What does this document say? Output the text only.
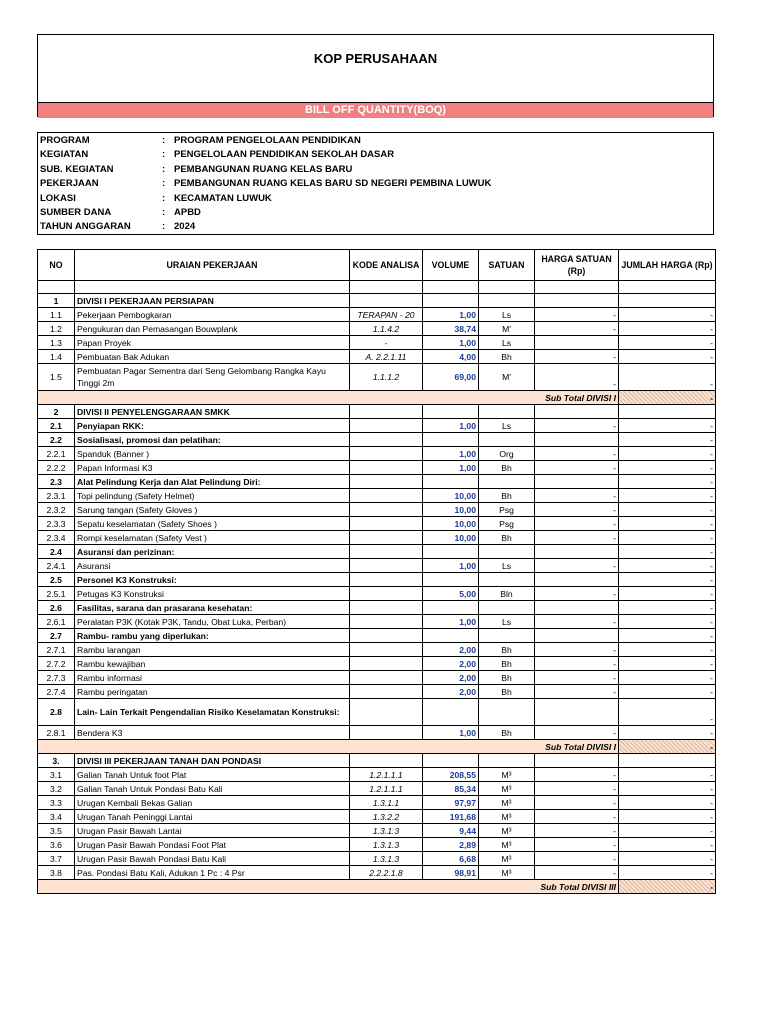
KOP PERUSAHAAN
BILL OFF QUANTITY(BOQ)
PROGRAM	: PROGRAM PENGELOLAAN PENDIDIKAN
KEGIATAN	: PENGELOLAAN PENDIDIKAN SEKOLAH DASAR
SUB. KEGIATAN	: PEMBANGUNAN RUANG KELAS BARU
PEKERJAAN	: PEMBANGUNAN RUANG KELAS BARU SD NEGERI PEMBINA LUWUK
LOKASI	: KECAMATAN LUWUK
SUMBER DANA	: APBD
TAHUN ANGGARAN	: 2024
NO	URAIAN PEKERJAAN	KODE ANALISA	VOLUME	SATUAN	HARGA SATUAN (Rp)	JUMLAH HARGA (Rp)

1	DIVISI I PEKERJAAN PERSIAPAN					
1.1	Pekerjaan Pembogkaran	TERAPAN - 20	1,00	Ls	-	-
1.2	Pengukuran dan Pemasangan Bouwplank	1.1.4.2	38,74	M'	-	-
1.3	Papan Proyek	-	1,00	Ls		-
1.4	Pembuatan Bak Adukan	A. 2.2.1.11	4,00	Bh	-	-
1.5	Pembuatan Pagar Sementra dari Seng Gelombang Rangka Kayu Tinggi 2m	1.1.1.2	69,00	M'	-	-
Sub Total DIVISI I						-
2	DIVISI II PENYELENGGARAAN SMKK					
2.1	Penyiapan RKK:		1,00	Ls	-	-
2.2	Sosialisasi, promosi dan pelatihan:					-
2.2.1	Spanduk (Banner )		1,00	Org	-	-
2.2.2	Papan Informasi K3		1,00	Bh	-	-
2.3	Alat Pelindung Kerja dan Alat Pelindung Diri:					-
2.3.1	Topi pelindung (Safety Helmet)		10,00	Bh	-	-
2.3.2	Sarung tangan (Safety Gloves )		10,00	Psg	-	-
2.3.3	Sepatu keselamatan (Safety Shoes )		10,00	Psg	-	-
2.3.4	Rompi keselamatan (Safety Vest )		10,00	Bh	-	-
2.4	Asuransi dan perizinan:					-
2.4.1	Asuransi		1,00	Ls	-	-
2.5	Personel K3 Konstruksi:					-
2.5.1	Petugas K3 Konstruksi		5,00	Bln	-	-
2.6	Fasilitas, sarana dan prasarana kesehatan:					-
2.6.1	Peralatan P3K (Kotak P3K, Tandu, Obat Luka, Perban)		1,00	Ls	-	-
2.7	Rambu- rambu yang diperlukan:					-
2.7.1	Rambu larangan		2,00	Bh	-	-
2.7.2	Rambu kewajiban		2,00	Bh	-	-
2.7.3	Rambu informasi		2,00	Bh	-	-
2.7.4	Rambu peringatan		2,00	Bh	-	-
2.8	Lain- Lain Terkait Pengendalian Risiko Keselamatan Konstruksi:					-
2.8.1	Bendera K3		1,00	Bh	-	-
Sub Total DIVISI I						-
3.	DIVISI III PEKERJAAN TANAH DAN PONDASI					
3.1	Galian Tanah Untuk foot Plat	1.2.1.1.1	208,55	M³	-	-
3.2	Galian Tanah Untuk Pondasi Batu Kali	1.2.1.1.1	85,34	M³	-	-
3.3	Urugan Kembali Bekas Galian	1.3.1.1	97,97	M³	-	-
3.4	Urugan Tanah Peninggi Lantai	1.3.2.2	191,68	M³	-	-
3.5	Urugan Pasir Bawah Lantai	1.3.1.3	9,44	M³	-	-
3.6	Urugan Pasir Bawah Pondasi Foot Plat	1.3.1.3	2,89	M³	-	-
3.7	Urugan Pasir Bawah Pondasi Batu Kali	1.3.1.3	6,68	M³	-	-
3.8	Pas. Pondasi Batu Kali, Adukan 1 Pc : 4 Psr	2.2.2.1.8	98,91	M³	-	-
Sub Total DIVISI III						-
